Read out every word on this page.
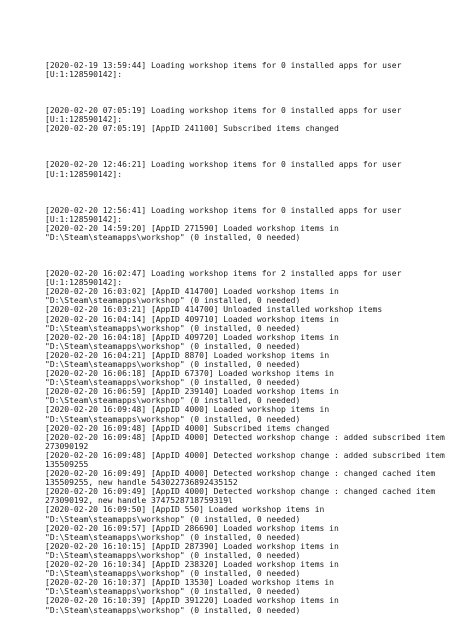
[2020-02-19 13:59:44] Loading workshop items for 0 installed apps for user
[U:1:128590142]:
[2020-02-20 07:05:19] Loading workshop items for 0 installed apps for user
[U:1:128590142]:
[2020-02-20 07:05:19] [AppID 241100] Subscribed items changed
[2020-02-20 12:46:21] Loading workshop items for 0 installed apps for user
[U:1:128590142]:
[2020-02-20 12:56:41] Loading workshop items for 0 installed apps for user
[U:1:128590142]:
[2020-02-20 14:59:20] [AppID 271590] Loaded workshop items in
"D:\Steam\steamapps\workshop" (0 installed, 0 needed)
[2020-02-20 16:02:47] Loading workshop items for 2 installed apps for user
[U:1:128590142]:
[2020-02-20 16:03:02] [AppID 414700] Loaded workshop items in
"D:\Steam\steamapps\workshop" (0 installed, 0 needed)
[2020-02-20 16:03:21] [AppID 414700] Unloaded installed workshop items
[2020-02-20 16:04:14] [AppID 409710] Loaded workshop items in
"D:\Steam\steamapps\workshop" (0 installed, 0 needed)
[2020-02-20 16:04:18] [AppID 409720] Loaded workshop items in
"D:\Steam\steamapps\workshop" (0 installed, 0 needed)
[2020-02-20 16:04:21] [AppID 8870] Loaded workshop items in
"D:\Steam\steamapps\workshop" (0 installed, 0 needed)
[2020-02-20 16:06:18] [AppID 67370] Loaded workshop items in
"D:\Steam\steamapps\workshop" (0 installed, 0 needed)
[2020-02-20 16:06:59] [AppID 239140] Loaded workshop items in
"D:\Steam\steamapps\workshop" (0 installed, 0 needed)
[2020-02-20 16:09:48] [AppID 4000] Loaded workshop items in
"D:\Steam\steamapps\workshop" (0 installed, 0 needed)
[2020-02-20 16:09:48] [AppID 4000] Subscribed items changed
[2020-02-20 16:09:48] [AppID 4000] Detected workshop change : added subscribed item
273090192
[2020-02-20 16:09:48] [AppID 4000] Detected workshop change : added subscribed item
135509255
[2020-02-20 16:09:49] [AppID 4000] Detected workshop change : changed cached item
135509255, new handle 543022736892435152
[2020-02-20 16:09:49] [AppID 4000] Detected workshop change : changed cached item
273090192, new handle 3747528718759319l
[2020-02-20 16:09:50] [AppID 550] Loaded workshop items in
"D:\Steam\steamapps\workshop" (0 installed, 0 needed)
[2020-02-20 16:09:57] [AppID 286690] Loaded workshop items in
"D:\Steam\steamapps\workshop" (0 installed, 0 needed)
[2020-02-20 16:10:15] [AppID 287390] Loaded workshop items in
"D:\Steam\steamapps\workshop" (0 installed, 0 needed)
[2020-02-20 16:10:34] [AppID 238320] Loaded workshop items in
"D:\Steam\steamapps\workshop" (0 installed, 0 needed)
[2020-02-20 16:10:37] [AppID 13530] Loaded workshop items in
"D:\Steam\steamapps\workshop" (0 installed, 0 needed)
[2020-02-20 16:10:39] [AppID 391220] Loaded workshop items in
"D:\Steam\steamapps\workshop" (0 installed, 0 needed)
